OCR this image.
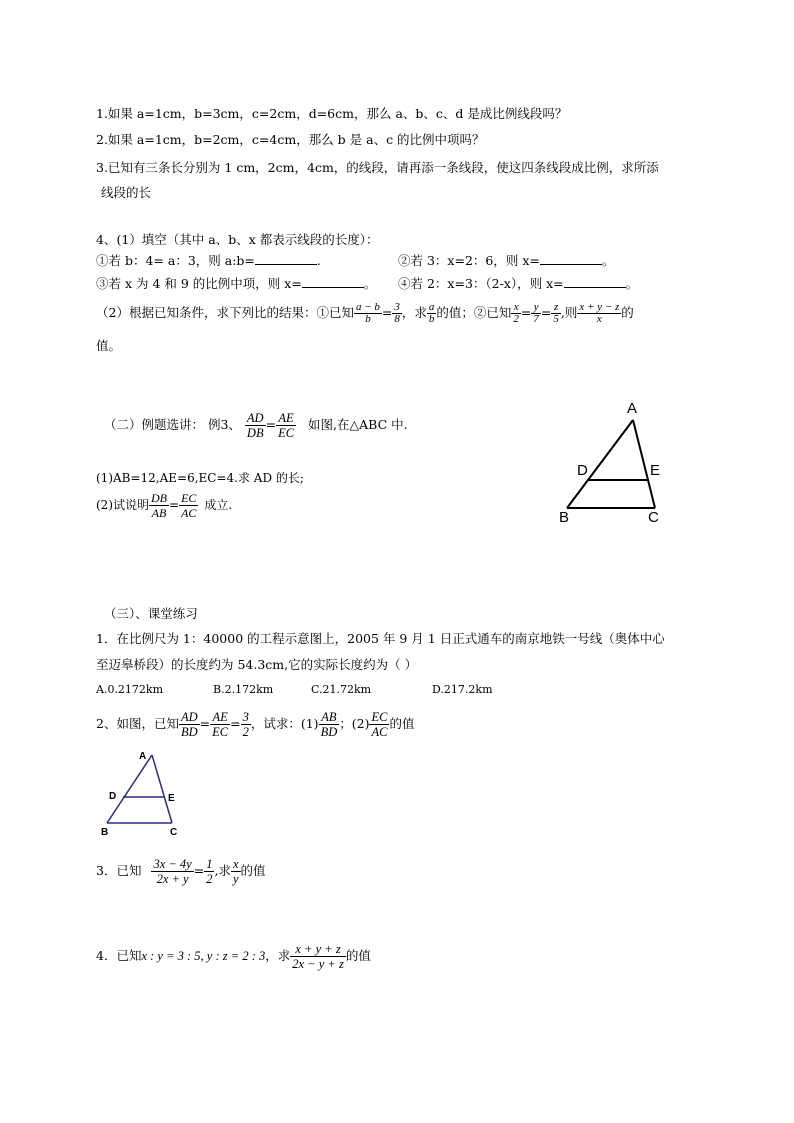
1.如果 a=1cm，b=3cm，c=2cm，d=6cm，那么 a、b、c、d 是成比例线段吗？
2.如果 a=1cm，b=2cm，c=4cm，那么 b 是 a、c 的比例中项吗？
3.已知有三条长分别为 1 cm，2cm，4cm，的线段，请再添一条线段，使这四条线段成比例，求所添
线段的长
4、(1）填空（其中 a、b、x 都表示线段的长度）：
①若 b：4= a：3，则 a:b=	.	②若 3：x=2：6，则 x=	。
③若 x 为 4 和 9 的比例中项，则 x=	。 ④若 2：x=3：（2-x），则 x=	。
（2）根据已知条件，求下列比的结果：①已知 $\frac{a - b}{b} = \frac{3}{8}$ ，求 $\frac{a}{b}$ 的值；②已知 $\frac{x}{2} = \frac{y}{7} = \frac{z}{5}$ ,则 $\frac{x + y - z}{x}$ 的
值。
（二）例题选讲： 例3、 $\frac{AD}{DB} = \frac{AE}{EC}$ 如图,在△ABC 中.
(1)AB=12,AE=6,EC=4.求 AD 的长;
(2)试说明 $\frac{DB}{AB} = \frac{EC}{AC}$ 成立.
A
D	E
B	C
（三）、课堂练习
1．在比例尺为 1：40000 的工程示意图上，2005 年 9 月 1 日正式通车的南京地铁一号线（奥体中心
至迈皋桥段）的长度约为 54.3cm,它的实际长度约为（ ）
A.0.2172km	B.2.172km	C.21.72km	D.217.2km
2、如图，已知 $\frac{AD}{BD} = \frac{AE}{EC} = \frac{3}{2}$ ，试求：$(1) \frac{AB}{BD}$ ；$(2) \frac{EC}{AC}$ 的值
A
D	E
B	C
3．已知 $\frac{3x - 4y}{2x + y} = \frac{1}{2}$ ,求 $\frac{x}{y}$ 的值
4．已知x : y = 3 : 5, y : z = 2 : 3，求 $\frac{x + y + z}{2x - y + z}$ 的值
